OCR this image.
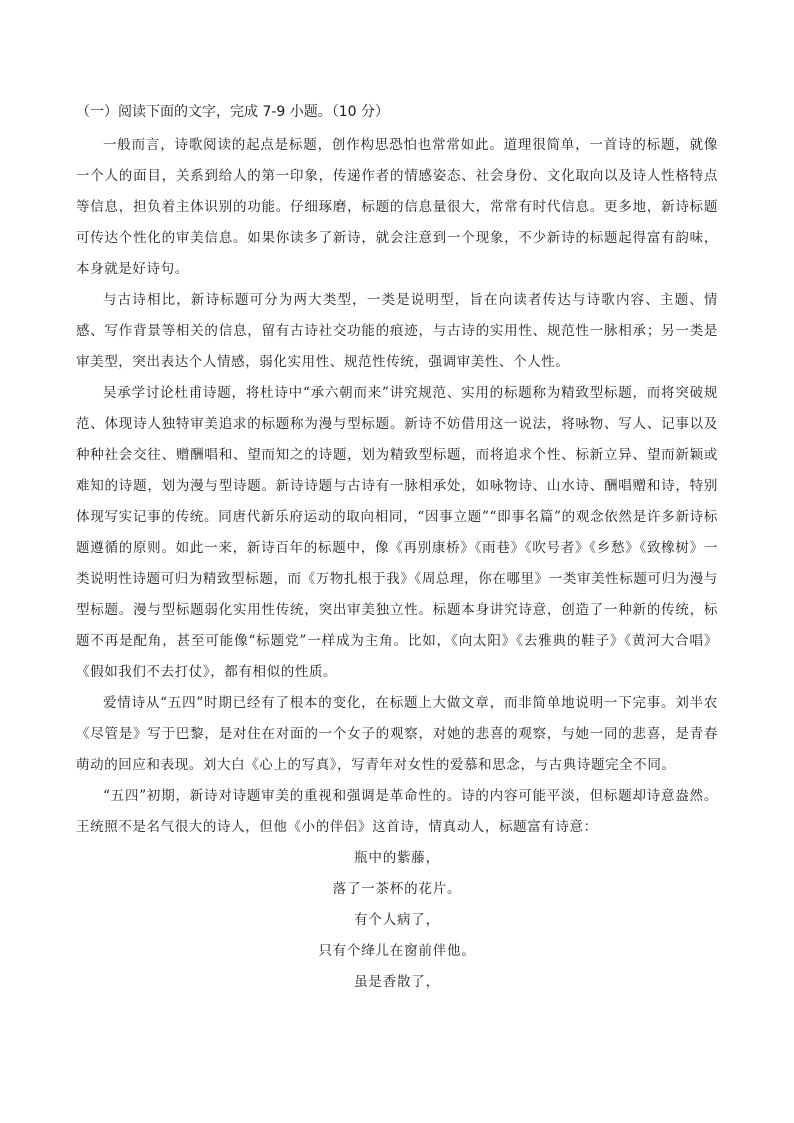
（一）阅读下面的文字，完成 7-9 小题。（10 分）

一般而言，诗歌阅读的起点是标题，创作构思恐怕也常常如此。道理很简单，一首诗的标题，就像一个人的面目，关系到给人的第一印象，传递作者的情感姿态、社会身份、文化取向以及诗人性格特点等信息，担负着主体识别的功能。仔细琢磨，标题的信息量很大，常常有时代信息。更多地，新诗标题可传达个性化的审美信息。如果你读多了新诗，就会注意到一个现象，不少新诗的标题起得富有韵味，本身就是好诗句。

与古诗相比，新诗标题可分为两大类型，一类是说明型，旨在向读者传达与诗歌内容、主题、情感、写作背景等相关的信息，留有古诗社交功能的痕迹，与古诗的实用性、规范性一脉相承；另一类是审美型，突出表达个人情感，弱化实用性、规范性传统，强调审美性、个人性。

吴承学讨论杜甫诗题，将杜诗中“承六朝而来”讲究规范、实用的标题称为精致型标题，而将突破规范、体现诗人独特审美追求的标题称为漫与型标题。新诗不妨借用这一说法，将咏物、写人、记事以及种种社会交往、赠酬唱和、望而知之的诗题，划为精致型标题，而将追求个性、标新立异、望而新颖或难知的诗题，划为漫与型诗题。新诗诗题与古诗有一脉相承处，如咏物诗、山水诗、酬唱赠和诗，特别体现写实记事的传统。同唐代新乐府运动的取向相同，“因事立题”“即事名篇”的观念依然是许多新诗标题遵循的原则。如此一来，新诗百年的标题中，像《再别康桥》《雨巷》《吹号者》《乡愁》《致橡树》一类说明性诗题可归为精致型标题，而《万物扎根于我》《周总理，你在哪里》一类审美性标题可归为漫与型标题。漫与型标题弱化实用性传统，突出审美独立性。标题本身讲究诗意，创造了一种新的传统，标题不再是配角，甚至可能像“标题党”一样成为主角。比如，《向太阳》《去雅典的鞋子》《黄河大合唱》《假如我们不去打仗》，都有相似的性质。

爱情诗从“五四”时期已经有了根本的变化，在标题上大做文章，而非简单地说明一下完事。刘半农《尽管是》写于巴黎，是对住在对面的一个女子的观察，对她的悲喜的观察，与她一同的悲喜，是青春萌动的回应和表现。刘大白《心上的写真》，写青年对女性的爱慕和思念，与古典诗题完全不同。

“五四”初期，新诗对诗题审美的重视和强调是革命性的。诗的内容可能平淡，但标题却诗意盎然。王统照不是名气很大的诗人，但他《小的伴侣》这首诗，情真动人，标题富有诗意：

瓶中的紫藤，
落了一茶杯的花片。
有个人病了，
只有个绛儿在窗前伴他。
虽是香散了，
